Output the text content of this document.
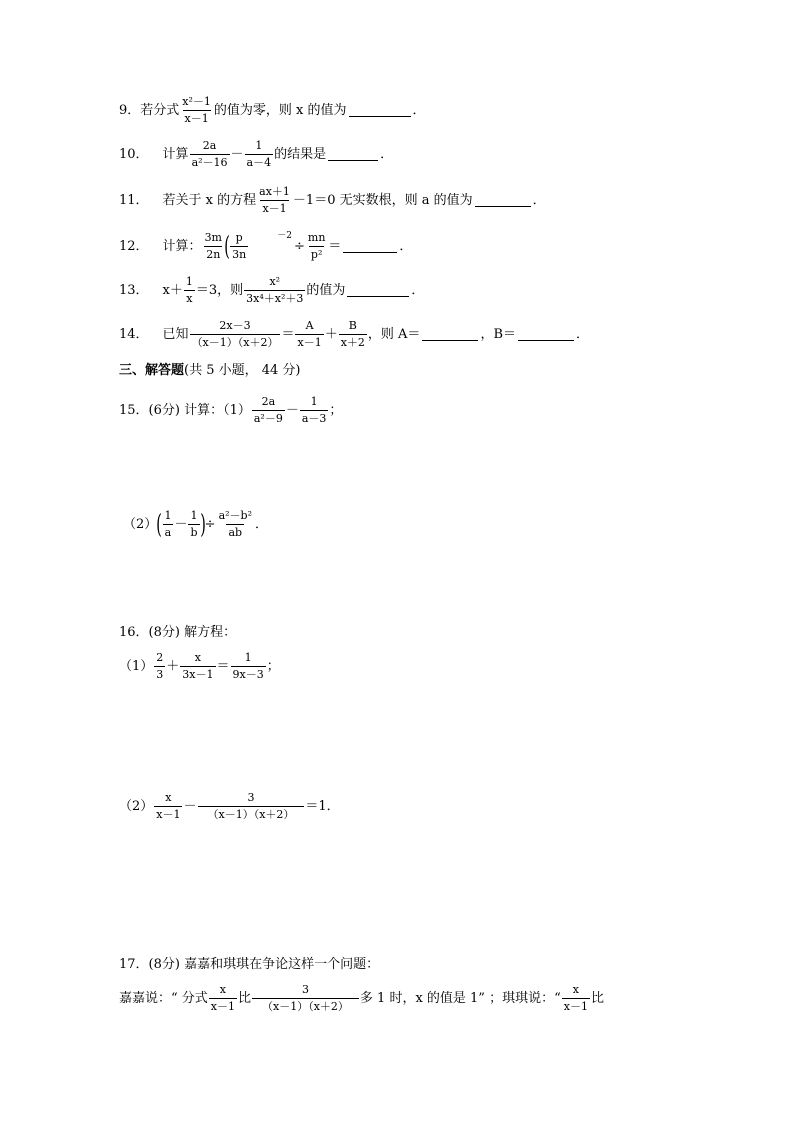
9． 若分式 $\frac{\text{x²－1}}{x-1}$ 的值为零，则 x 的值为	．
10． 计算 $\frac{2a}{\text{a²－16}} - \frac{1}{a-4}$ 的结果是	．
11． 若关于 x 的方程 $\frac{ax+1}{x-1} -1=0$ 无实数根，则 a 的值为	．
12． 计算： $\frac{3m}{2n}$ ( $\frac{p}{3n}$	－2
÷ $\frac{mn}{\text{p²}}$ ＝	．
13． $x+ \frac{1}{x} =3$，则 $\frac{\text{x²}}{\text{3x⁴＋x²＋3}}$ 的值为	．
14． 已知 $\frac{2x-3}{(x-1)(x+2)} = \frac{A}{x-1} + \frac{B}{x+2}$ ，则 A＝	，B＝	．
三、解答题 (共 5 小题， 44 分)
15．(6分) 计算：$(1) \frac{2a}{\text{a²－9}} - \frac{1}{a-3}$ ；
（2） ( $\frac{1}{a} - \frac{1}{b}$ ) ÷ $\frac{\text{a²－b²}}{ab}$ ．
16．(8分) 解方程：
$(1) \frac{2}{3} + \frac{x}{3x-1} = \frac{1}{9x-3}$ ；
$(2) \frac{x}{x-1} - \frac{3}{(x-1)(x+2)} =1$．
17．(8分) 嘉嘉和琪琪在争论这样一个问题：
嘉嘉说：“ 分式 $\frac{x}{x-1}$ 比 $\frac{3}{(x-1)(x+2)}$ 多 1 时，x 的值是 1” ；琪琪说：“ $\frac{x}{x-1}$ 比
